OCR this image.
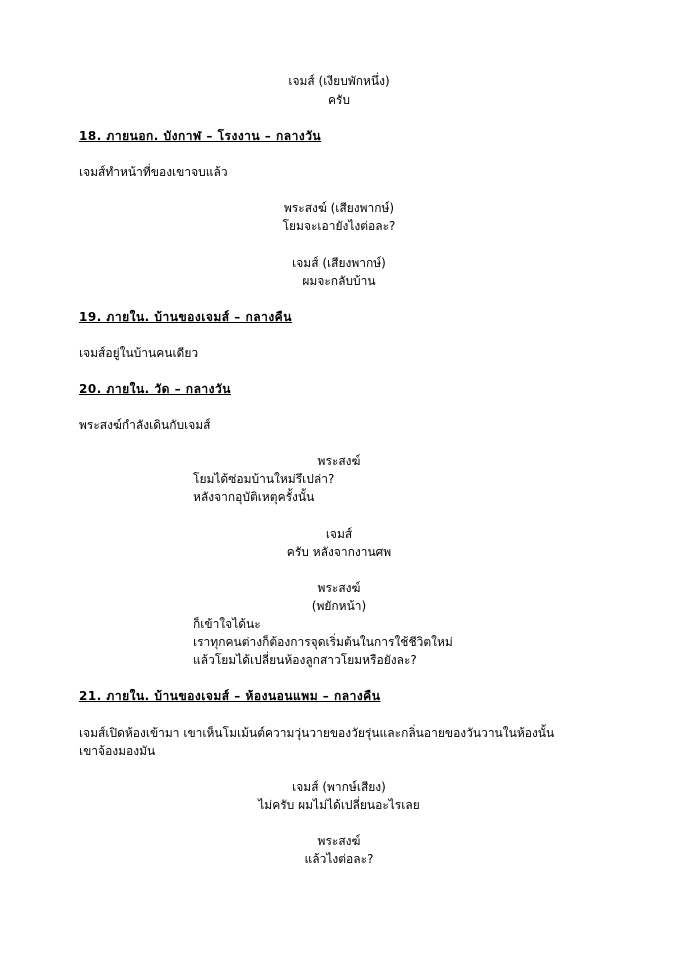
เจมส์ (เงียบพักหนึ่ง)
ครับ
18. ภายนอก. บังกาฬ – โรงงาน – กลางวัน
เจมส์ทำหน้าที่ของเขาจบแล้ว
พระสงฆ์ (เสียงพากษ์)
โยมจะเอายังไงต่อละ?
เจมส์ (เสียงพากษ์)
ผมจะกลับบ้าน
19. ภายใน. บ้านของเจมส์ – กลางคืน
เจมส์อยู่ในบ้านคนเดียว
20. ภายใน. วัด – กลางวัน
พระสงฆ์กำลังเดินกับเจมส์
พระสงฆ์
โยมได้ซ่อมบ้านใหม่รึเปล่า?
หลังจากอุบัติเหตุครั้งนั้น
เจมส์
ครับ หลังจากงานศพ
พระสงฆ์
(พยักหน้า)
ก็เข้าใจได้นะ
เราทุกคนต่างก็ต้องการจุดเริ่มต้นในการใช้ชีวิตใหม่
แล้วโยมได้เปลี่ยนห้องลูกสาวโยมหรือยังละ?
21. ภายใน. บ้านของเจมส์ – ห้องนอนแพม – กลางคืน
เจมส์เปิดห้องเข้ามา เขาเห็นโมเม้นต์ความวุ่นวายของวัยรุ่นและกลิ่นอายของวันวานในห้องนั้น
เขาจ้องมองมัน
เจมส์ (พากษ์เสียง)
ไม่ครับ ผมไม่ได้เปลี่ยนอะไรเลย
พระสงฆ์
แล้วไงต่อละ?
